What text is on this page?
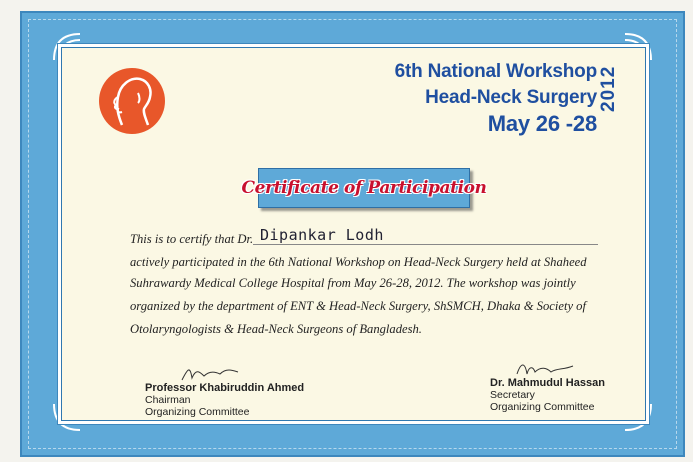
6th National Workshop
Head-Neck Surgery
May 26 -28
2012
Certificate of Participation
This is to certify that Dr. Dipankar Lodh
actively participated in the 6th National Workshop on Head-Neck Surgery held at Shaheed
Suhrawardy Medical College Hospital from May 26-28, 2012. The workshop was jointly
organized by the department of ENT & Head-Neck Surgery, ShSMCH, Dhaka & Society of
Otolaryngologists & Head-Neck Surgeons of Bangladesh.
Professor Khabiruddin Ahmed
Chairman
Organizing Committee
Dr. Mahmudul Hassan
Secretary
Organizing Committee
